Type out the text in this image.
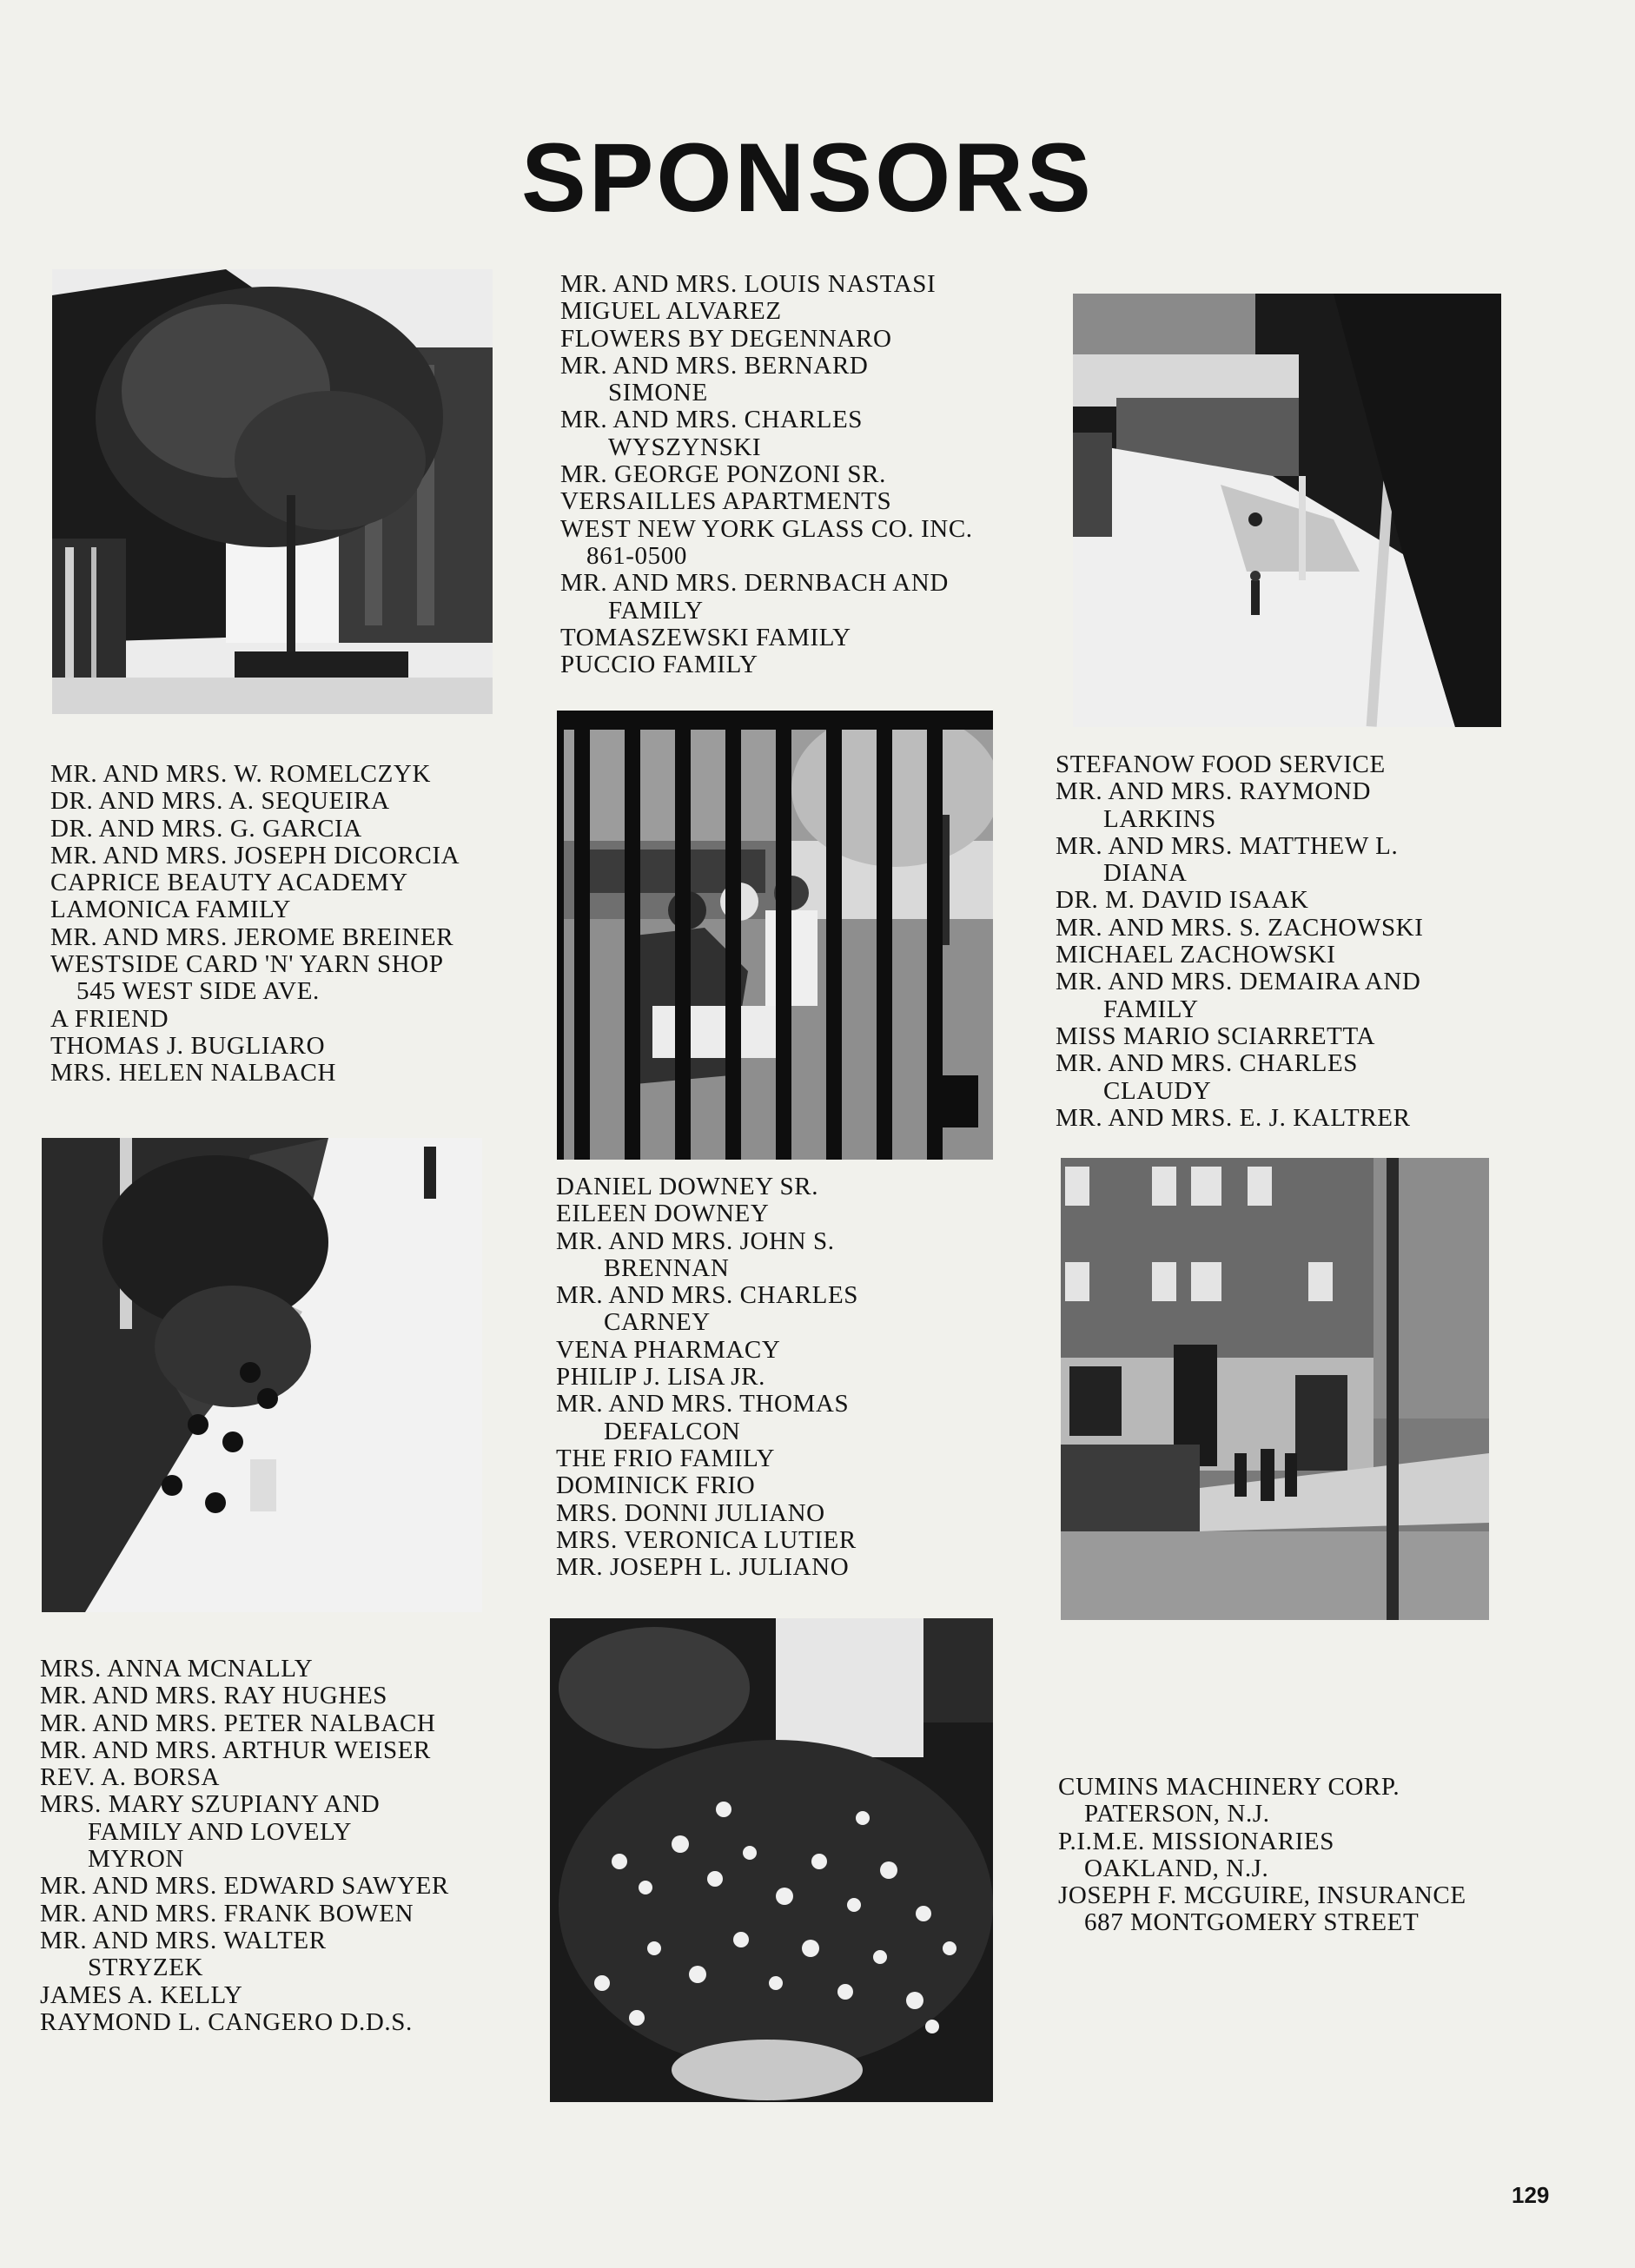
SPONSORS
MR. AND MRS. LOUIS NASTASI
MIGUEL ALVAREZ
FLOWERS BY DEGENNARO
MR. AND MRS. BERNARD
SIMONE
MR. AND MRS. CHARLES
WYSZYNSKI
MR. GEORGE PONZONI SR.
VERSAILLES APARTMENTS
WEST NEW YORK GLASS CO. INC.
861-0500
MR. AND MRS. DERNBACH AND
FAMILY
TOMASZEWSKI FAMILY
PUCCIO FAMILY
MR. AND MRS. W. ROMELCZYK
DR. AND MRS. A. SEQUEIRA
DR. AND MRS. G. GARCIA
MR. AND MRS. JOSEPH DICORCIA
CAPRICE BEAUTY ACADEMY
LAMONICA FAMILY
MR. AND MRS. JEROME BREINER
WESTSIDE CARD 'N' YARN SHOP
545 WEST SIDE AVE.
A FRIEND
THOMAS J. BUGLIARO
MRS. HELEN NALBACH
STEFANOW FOOD SERVICE
MR. AND MRS. RAYMOND
LARKINS
MR. AND MRS. MATTHEW L.
DIANA
DR. M. DAVID ISAAK
MR. AND MRS. S. ZACHOWSKI
MICHAEL ZACHOWSKI
MR. AND MRS. DEMAIRA AND
FAMILY
MISS MARIO SCIARRETTA
MR. AND MRS. CHARLES
CLAUDY
MR. AND MRS. E. J. KALTRER
DANIEL DOWNEY SR.
EILEEN DOWNEY
MR. AND MRS. JOHN S.
BRENNAN
MR. AND MRS. CHARLES
CARNEY
VENA PHARMACY
PHILIP J. LISA JR.
MR. AND MRS. THOMAS
DEFALCON
THE FRIO FAMILY
DOMINICK FRIO
MRS. DONNI JULIANO
MRS. VERONICA LUTIER
MR. JOSEPH L. JULIANO
MRS. ANNA MCNALLY
MR. AND MRS. RAY HUGHES
MR. AND MRS. PETER NALBACH
MR. AND MRS. ARTHUR WEISER
REV. A. BORSA
MRS. MARY SZUPIANY AND
FAMILY AND LOVELY
MYRON
MR. AND MRS. EDWARD SAWYER
MR. AND MRS. FRANK BOWEN
MR. AND MRS. WALTER
STRYZEK
JAMES A. KELLY
RAYMOND L. CANGERO D.D.S.
CUMINS MACHINERY CORP.
PATERSON, N.J.
P.I.M.E. MISSIONARIES
OAKLAND, N.J.
JOSEPH F. MCGUIRE, INSURANCE
687 MONTGOMERY STREET
129
